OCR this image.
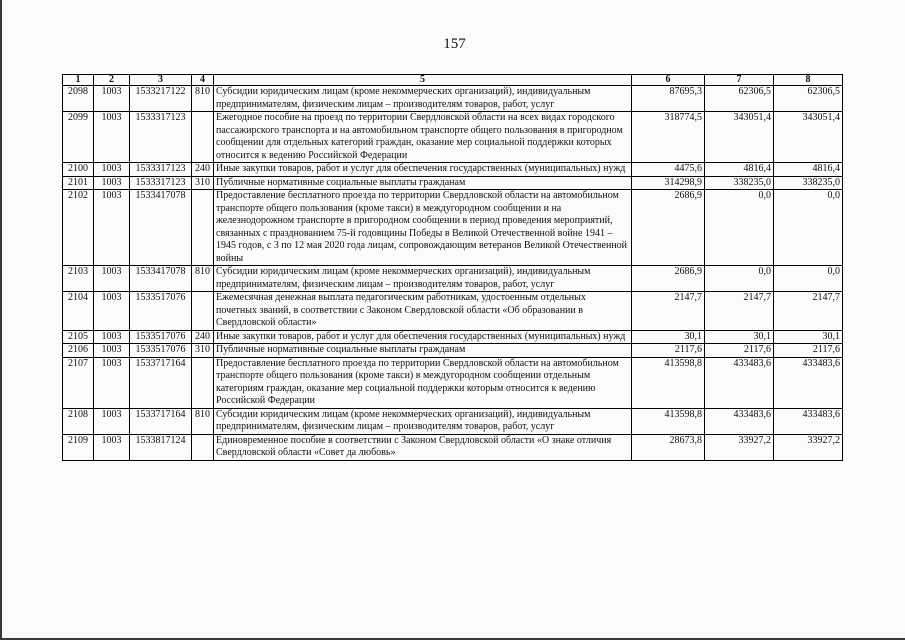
157
1	2	3	4	5	6	7	8
2098	1003	1533217122	810	Субсидии юридическим лицам (кроме некоммерческих организаций), индивидуальным предпринимателям, физическим лицам – производителям товаров, работ, услуг	87695,3	62306,5	62306,5
2099	1003	1533317123		Ежегодное пособие на проезд по территории Свердловской области на всех видах городского пассажирского транспорта и на автомобильном транспорте общего пользования в пригородном сообщении для отдельных категорий граждан, оказание мер социальной поддержки которых относится к ведению Российской Федерации	318774,5	343051,4	343051,4
2100	1003	1533317123	240	Иные закупки товаров, работ и услуг для обеспечения государственных (муниципальных) нужд	4475,6	4816,4	4816,4
2101	1003	1533317123	310	Публичные нормативные социальные выплаты гражданам	314298,9	338235,0	338235,0
2102	1003	1533417078		Предоставление бесплатного проезда по территории Свердловской области на автомобильном транспорте общего пользования (кроме такси) в междугородном сообщении и на железнодорожном транспорте в пригородном сообщении в период проведения мероприятий, связанных с празднованием 75-й годовщины Победы в Великой Отечественной войне 1941 – 1945 годов, с 3 по 12 мая 2020 года лицам, сопровождающим ветеранов Великой Отечественной войны	2686,9	0,0	0,0
2103	1003	1533417078	810	Субсидии юридическим лицам (кроме некоммерческих организаций), индивидуальным предпринимателям, физическим лицам – производителям товаров, работ, услуг	2686,9	0,0	0,0
2104	1003	1533517076		Ежемесячная денежная выплата педагогическим работникам, удостоенным отдельных почетных званий, в соответствии с Законом Свердловской области «Об образовании в Свердловской области»	2147,7	2147,7	2147,7
2105	1003	1533517076	240	Иные закупки товаров, работ и услуг для обеспечения государственных (муниципальных) нужд	30,1	30,1	30,1
2106	1003	1533517076	310	Публичные нормативные социальные выплаты гражданам	2117,6	2117,6	2117,6
2107	1003	1533717164		Предоставление бесплатного проезда по территории Свердловской области на автомобильном транспорте общего пользования (кроме такси) в междугородном сообщении отдельным категориям граждан, оказание мер социальной поддержки которым относится к ведению Российской Федерации	413598,8	433483,6	433483,6
2108	1003	1533717164	810	Субсидии юридическим лицам (кроме некоммерческих организаций), индивидуальным предпринимателям, физическим лицам – производителям товаров, работ, услуг	413598,8	433483,6	433483,6
2109	1003	1533817124		Единовременное пособие в соответствии с Законом Свердловской области «О знаке отличия Свердловской области «Совет да любовь»	28673,8	33927,2	33927,2
